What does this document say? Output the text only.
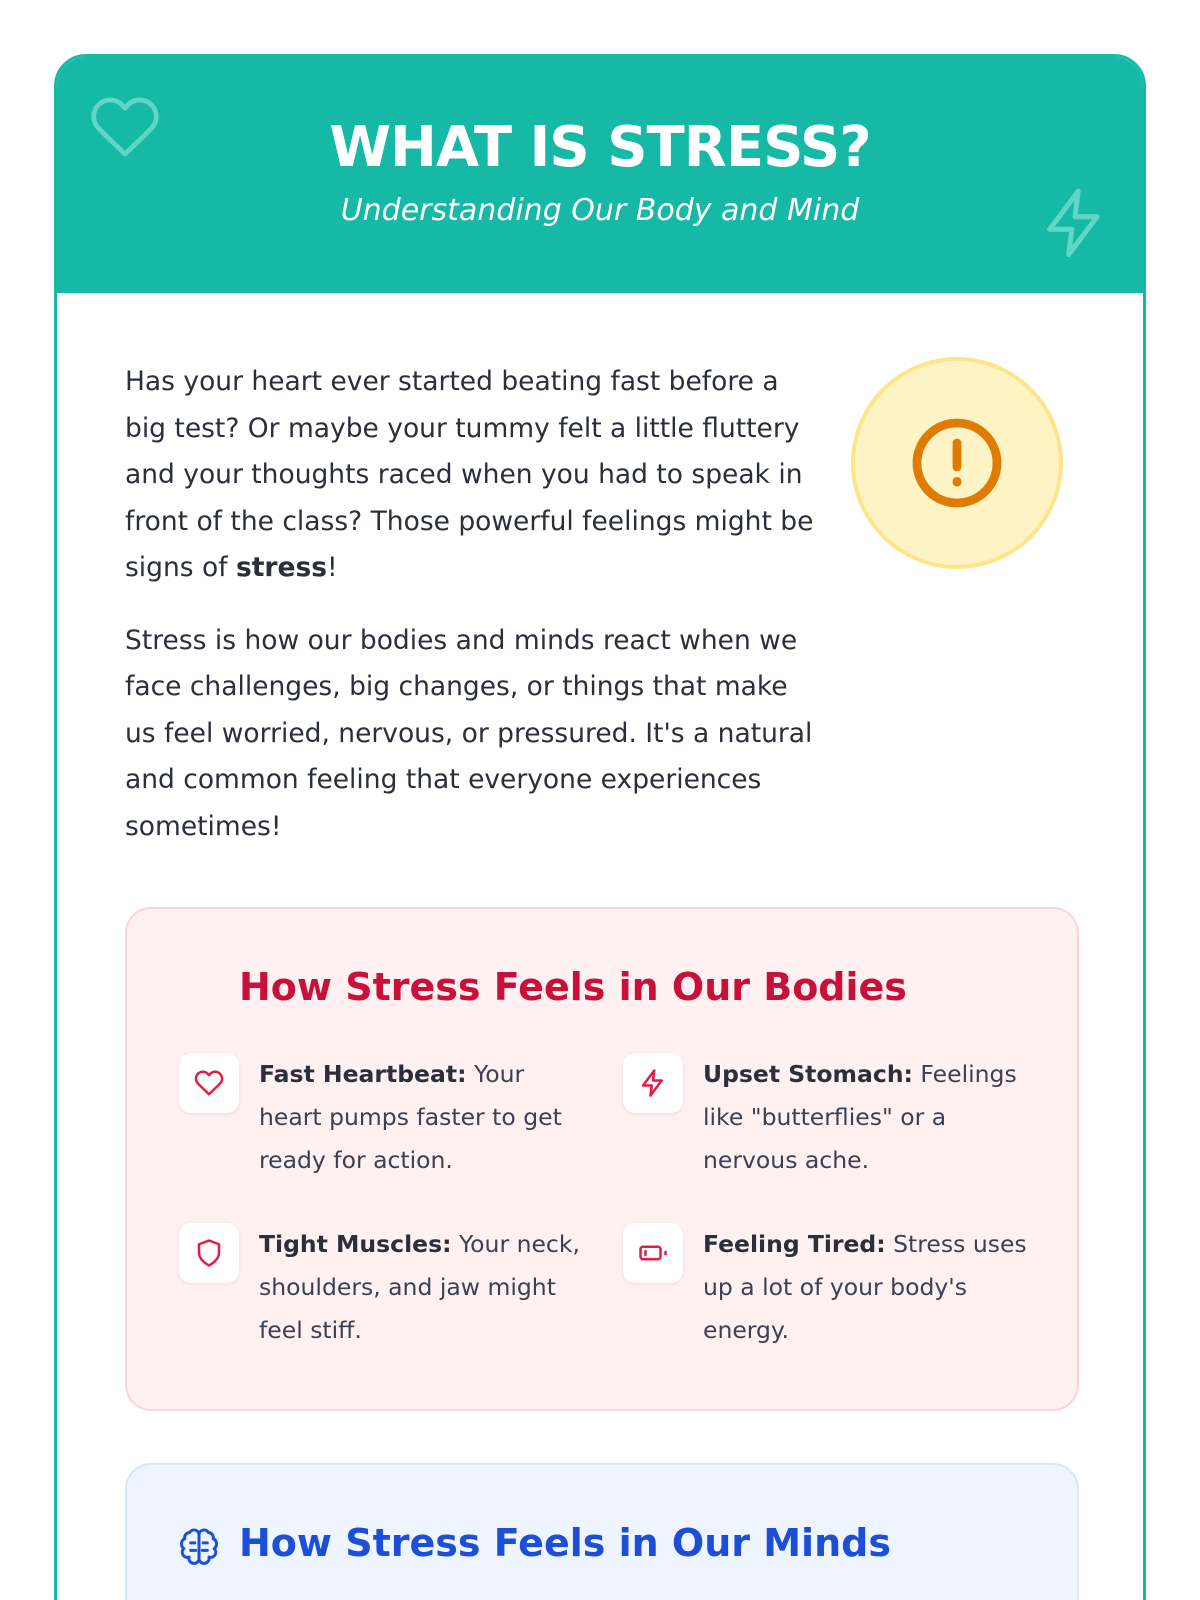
WHAT IS STRESS?
Understanding Our Body and Mind

Has your heart ever started beating fast before a big test? Or maybe your tummy felt a little fluttery and your thoughts raced when you had to speak in front of the class? Those powerful feelings might be signs of stress!

Stress is how our bodies and minds react when we face challenges, big changes, or things that make us feel worried, nervous, or pressured. It's a natural and common feeling that everyone experiences sometimes!

How Stress Feels in Our Bodies
Fast Heartbeat: Your heart pumps faster to get ready for action.
Upset Stomach: Feelings like "butterflies" or a nervous ache.
Tight Muscles: Your neck, shoulders, and jaw might feel stiff.
Feeling Tired: Stress uses up a lot of your body's energy.
How Stress Feels in Our Minds
